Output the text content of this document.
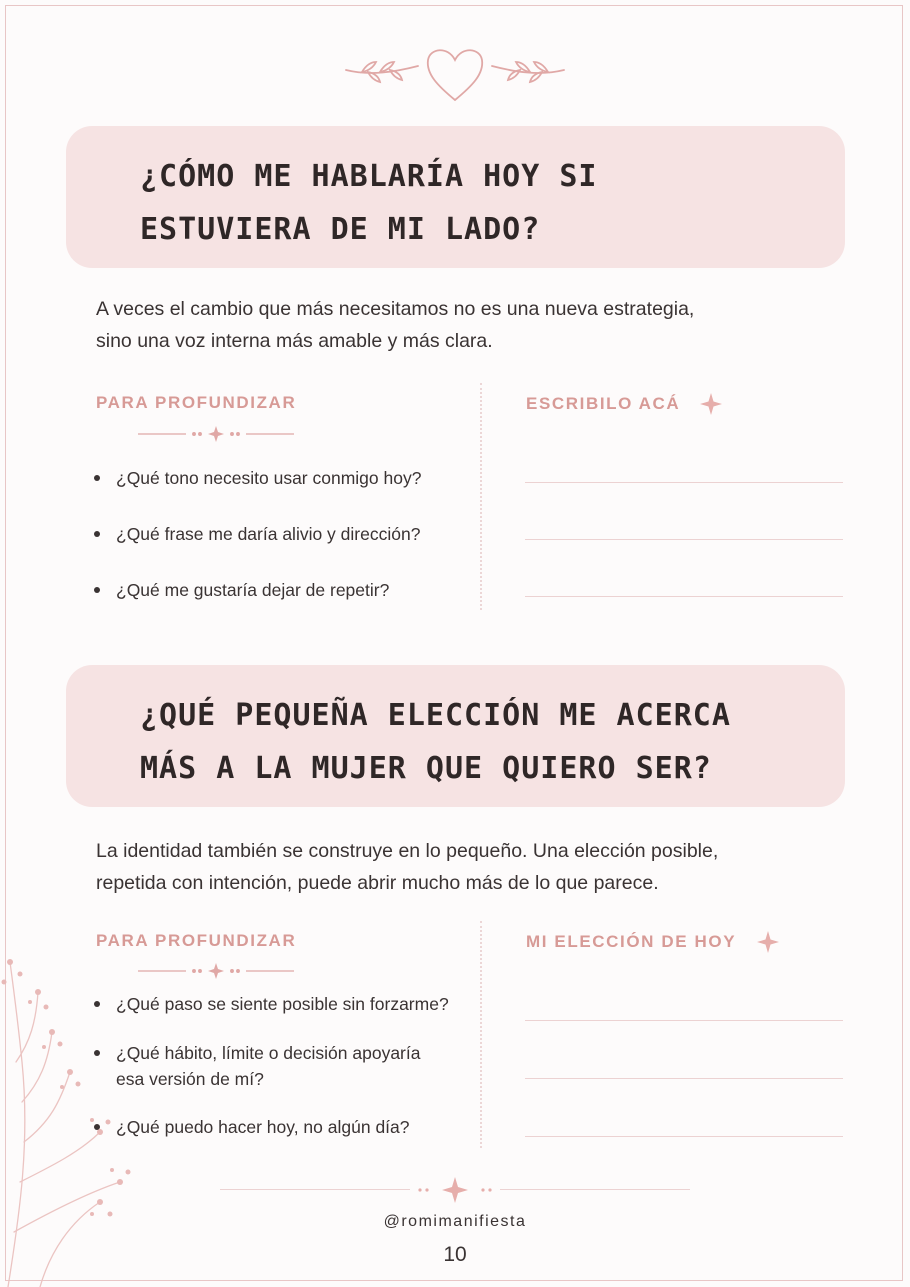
¿CÓMO ME HABLARÍA HOY SI
ESTUVIERA DE MI LADO?
A veces el cambio que más necesitamos no es una nueva estrategia,
sino una voz interna más amable y más clara.
PARA PROFUNDIZAR	ESCRIBILO ACÁ
¿Qué tono necesito usar conmigo hoy?
¿Qué frase me daría alivio y dirección?
¿Qué me gustaría dejar de repetir?
¿QUÉ PEQUEÑA ELECCIÓN ME ACERCA
MÁS A LA MUJER QUE QUIERO SER?
La identidad también se construye en lo pequeño. Una elección posible,
repetida con intención, puede abrir mucho más de lo que parece.
PARA PROFUNDIZAR	MI ELECCIÓN DE HOY
¿Qué paso se siente posible sin forzarme?
¿Qué hábito, límite o decisión apoyaría
esa versión de mí?
¿Qué puedo hacer hoy, no algún día?
@romimanifiesta
10
